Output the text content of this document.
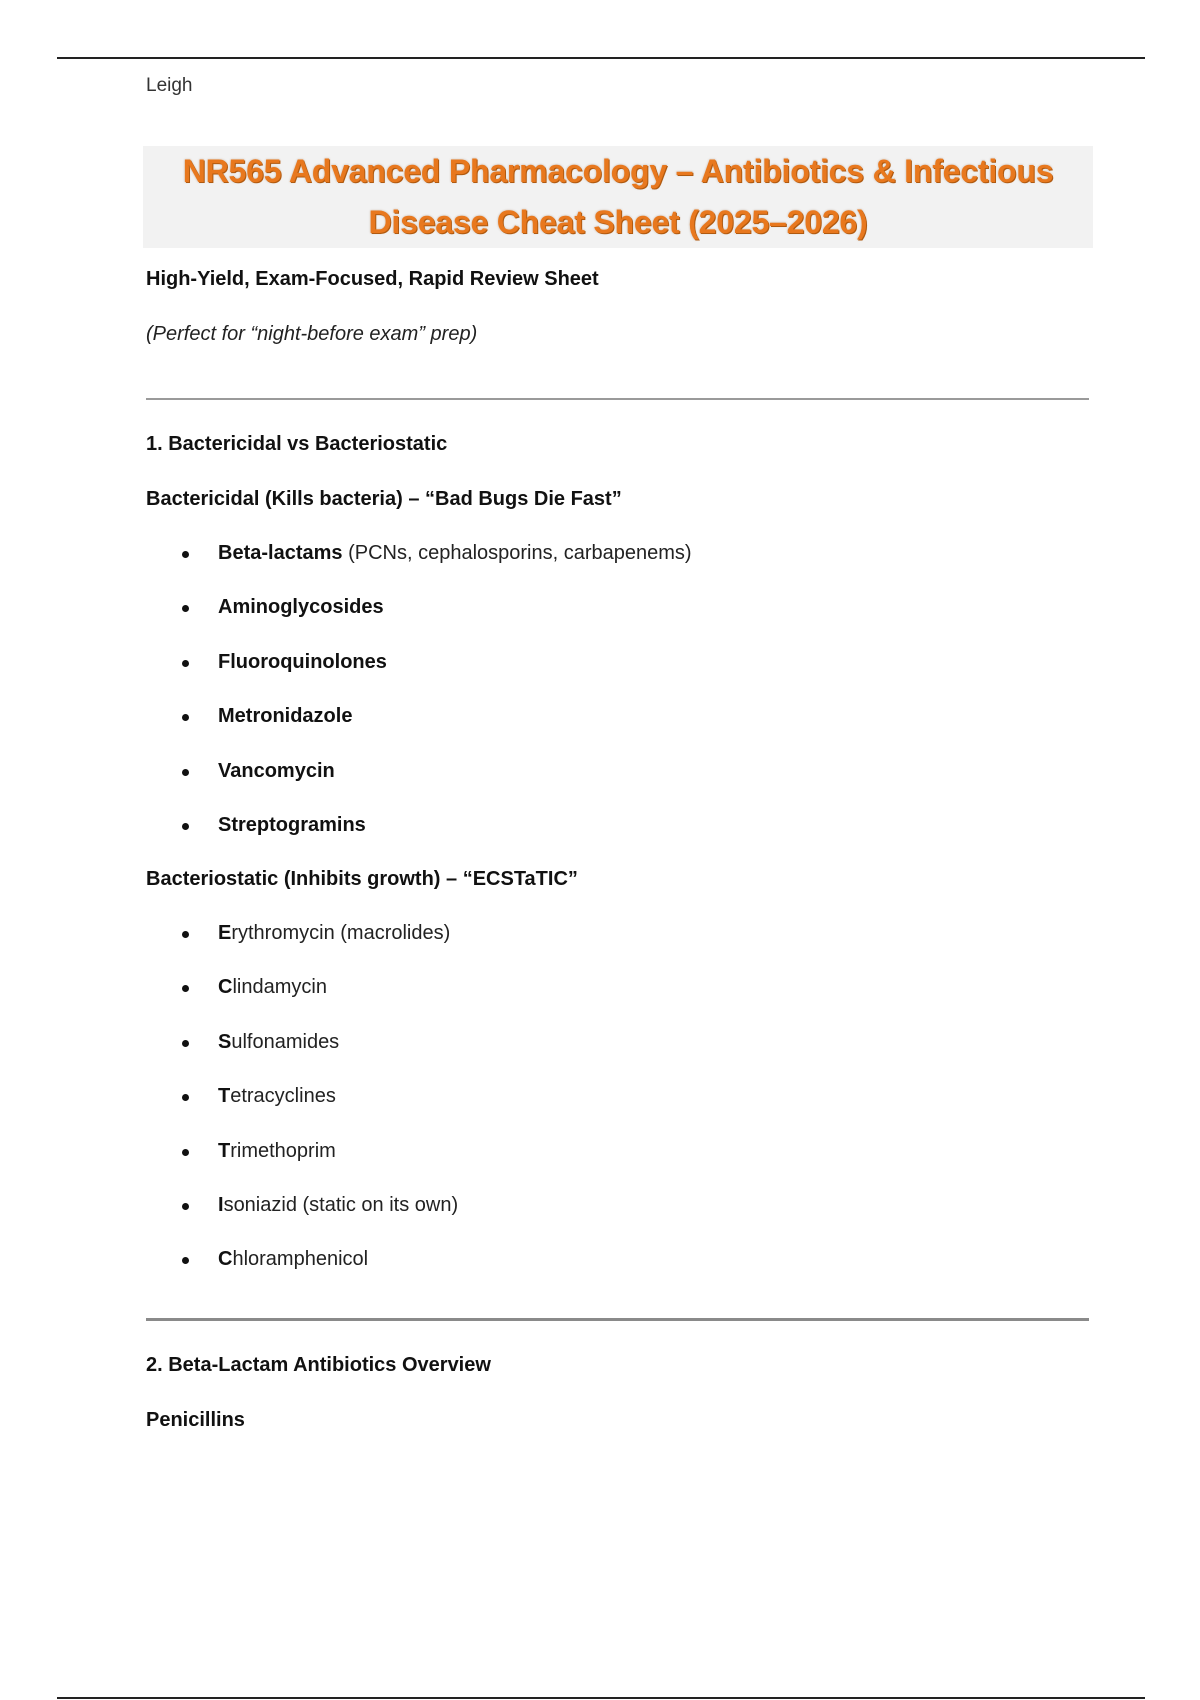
Leigh
NR565 Advanced Pharmacology – Antibiotics & Infectious
Disease Cheat Sheet (2025–2026)
High-Yield, Exam-Focused, Rapid Review Sheet
(Perfect for “night-before exam” prep)
1. Bactericidal vs Bacteriostatic
Bactericidal (Kills bacteria) – “Bad Bugs Die Fast”
Beta-lactams (PCNs, cephalosporins, carbapenems)
Aminoglycosides
Fluoroquinolones
Metronidazole
Vancomycin
Streptogramins
Bacteriostatic (Inhibits growth) – “ECSTaTIC”
Erythromycin (macrolides)
Clindamycin
Sulfonamides
Tetracyclines
Trimethoprim
Isoniazid (static on its own)
Chloramphenicol
2. Beta-Lactam Antibiotics Overview
Penicillins
